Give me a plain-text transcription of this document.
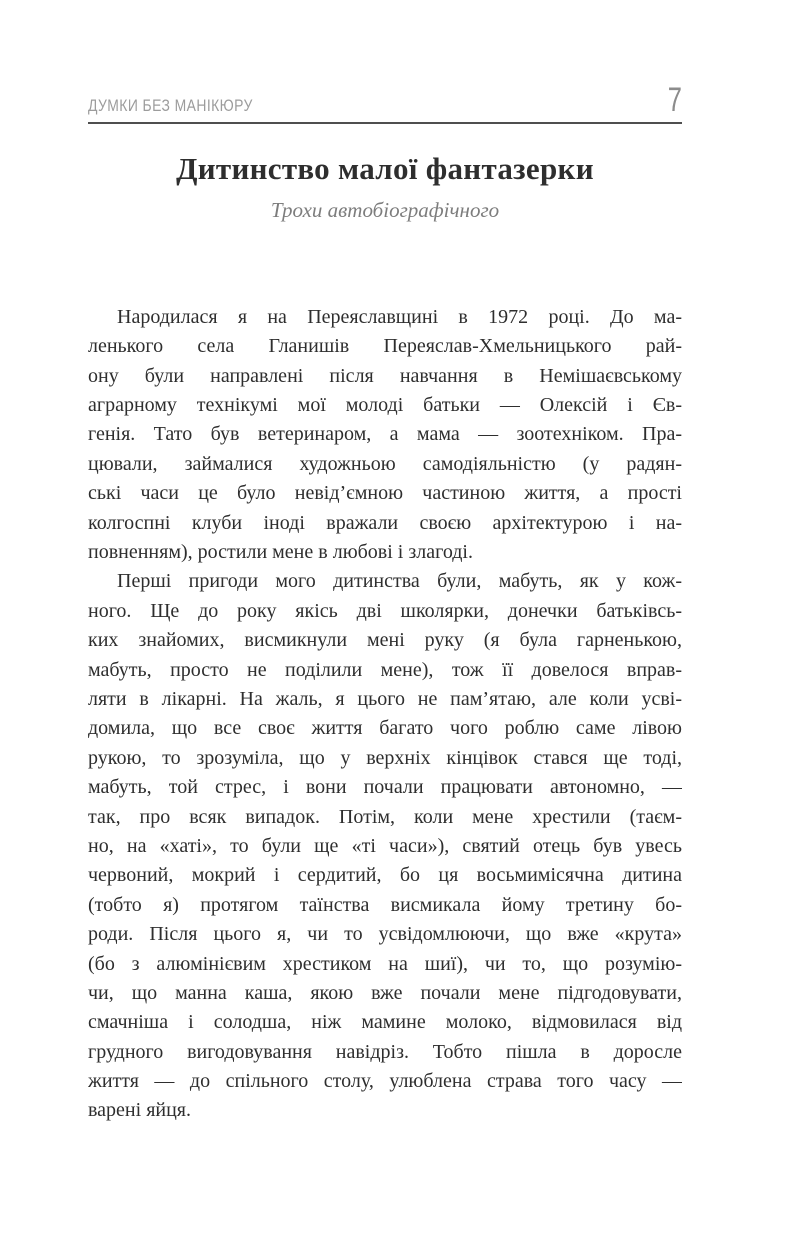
ДУМКИ БЕЗ МАНІКЮРУ	7
Дитинство малої фантазерки
Трохи автобіографічного
Народилася я на Переяславщині в 1972 році. До ма-
ленького села Гланишів Переяслав-Хмельницького рай-
ону були направлені після навчання в Немішаєвському
аграрному технікумі мої молоді батьки — Олексій і Єв-
генія. Тато був ветеринаром, а мама — зоотехніком. Пра-
цювали, займалися художньою самодіяльністю (у радян-
ські часи це було невід’ємною частиною життя, а прості
колгоспні клуби іноді вражали своєю архітектурою і на-
повненням), ростили мене в любові і злагоді.
Перші пригоди мого дитинства були, мабуть, як у кож-
ного. Ще до року якісь дві школярки, донечки батьківсь-
ких знайомих, висмикнули мені руку (я була гарненькою,
мабуть, просто не поділили мене), тож її довелося вправ-
ляти в лікарні. На жаль, я цього не пам’ятаю, але коли усві-
домила, що все своє життя багато чого роблю саме лівою
рукою, то зрозуміла, що у верхніх кінцівок стався ще тоді,
мабуть, той стрес, і вони почали працювати автономно, —
так, про всяк випадок. Потім, коли мене хрестили (таєм-
но, на «хаті», то були ще «ті часи»), святий отець був увесь
червоний, мокрий і сердитий, бо ця восьмимісячна дитина
(тобто я) протягом таїнства висмикала йому третину бо-
роди. Після цього я, чи то усвідомлюючи, що вже «крута»
(бо з алюмінієвим хрестиком на шиї), чи то, що розумію-
чи, що манна каша, якою вже почали мене підгодовувати,
смачніша і солодша, ніж мамине молоко, відмовилася від
грудного вигодовування навідріз. Тобто пішла в доросле
життя — до спільного столу, улюблена страва того часу —
варені яйця.
